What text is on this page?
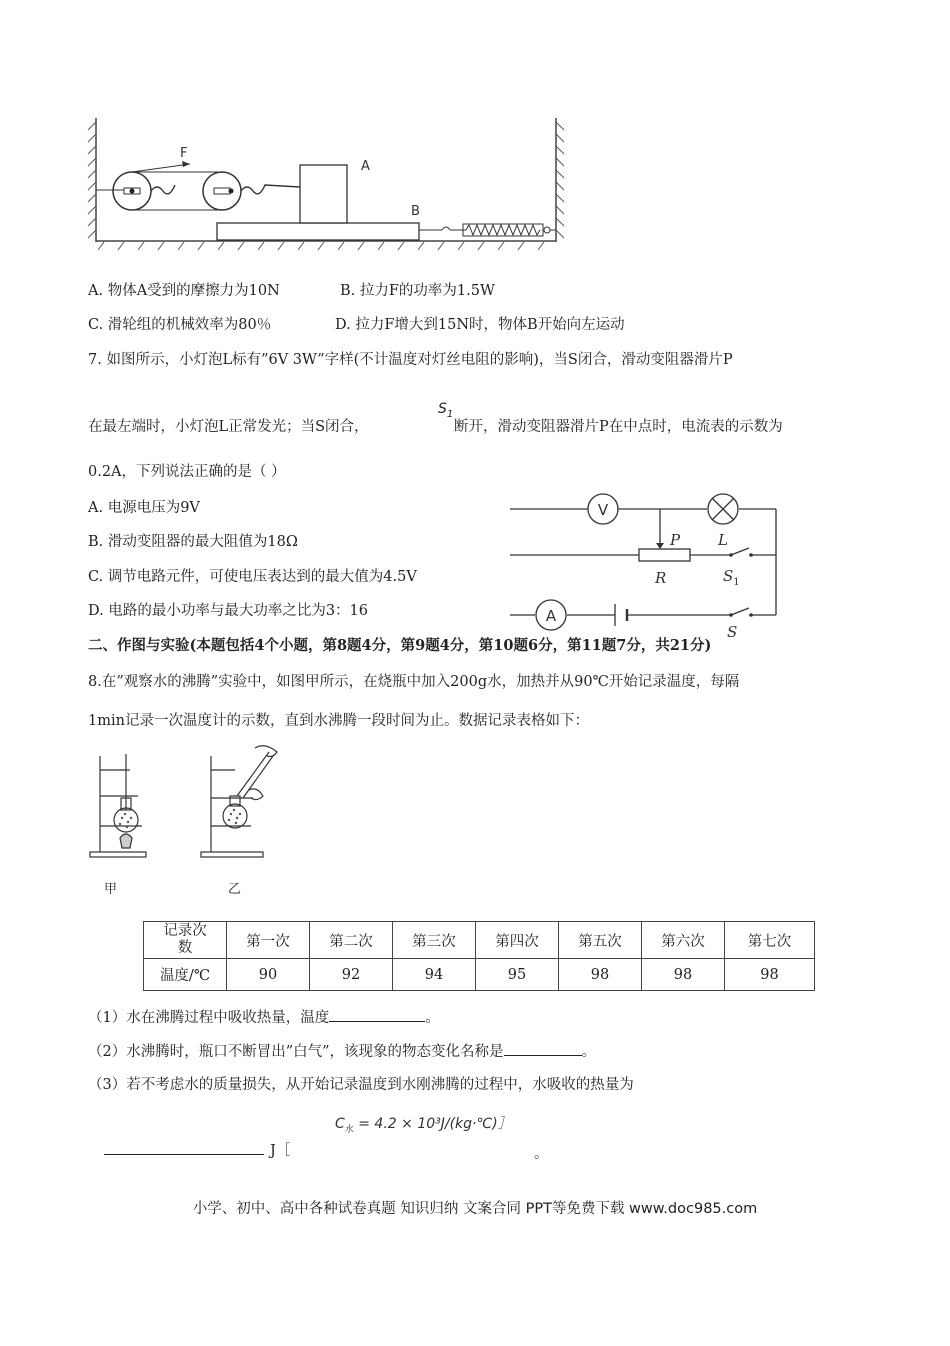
F
A
B
A. 物体A受到的摩擦力为10N	B. 拉力F的功率为1.5W
C. 滑轮组的机械效率为80％	D. 拉力F增大到15N时，物体B开始向左运动
7. 如图所示，小灯泡L标有”6V 3W”字样(不计温度对灯丝电阻的影响)，当S闭合，滑动变阻器滑片P
在最左端时，小灯泡L正常发光；当S闭合，
$S_1$
断开，滑动变阻器滑片P在中点时，电流表的示数为
0.2A，下列说法正确的是（ ）
A. 电源电压为9V
B. 滑动变阻器的最大阻值为18Ω
C. 调节电路元件，可使电压表达到的最大值为4.5V
D. 电路的最小功率与最大功率之比为3：16
V
A
P	L
R	$S_1$
S
二、作图与实验(本题包括4个小题，第8题4分，第9题4分，第10题6分，第11题7分，共21分)
8.在”观察水的沸腾”实验中，如图甲所示，在烧瓶中加入200g水，加热并从90℃开始记录温度，每隔
1min记录一次温度计的示数，直到水沸腾一段时间为止。数据记录表格如下：
甲	乙
记录次
数	第一次	第二次	第三次	第四次	第五次	第六次	第七次
温度/℃	90	92	94	95	98	98	98
（1）水在沸腾过程中吸收热量，温度	。
（2）水沸腾时，瓶口不断冒出”白气”，该现象的物态变化名称是	。
（3）若不考虑水的质量损失，从开始记录温度到水刚沸腾的过程中，水吸收的热量为
J［
$C_水 = 4.2$ × 10³J/(kg·℃)］
。
小学、初中、高中各种试卷真题 知识归纳 文案合同 PPT等免费下载 www.doc985.com
